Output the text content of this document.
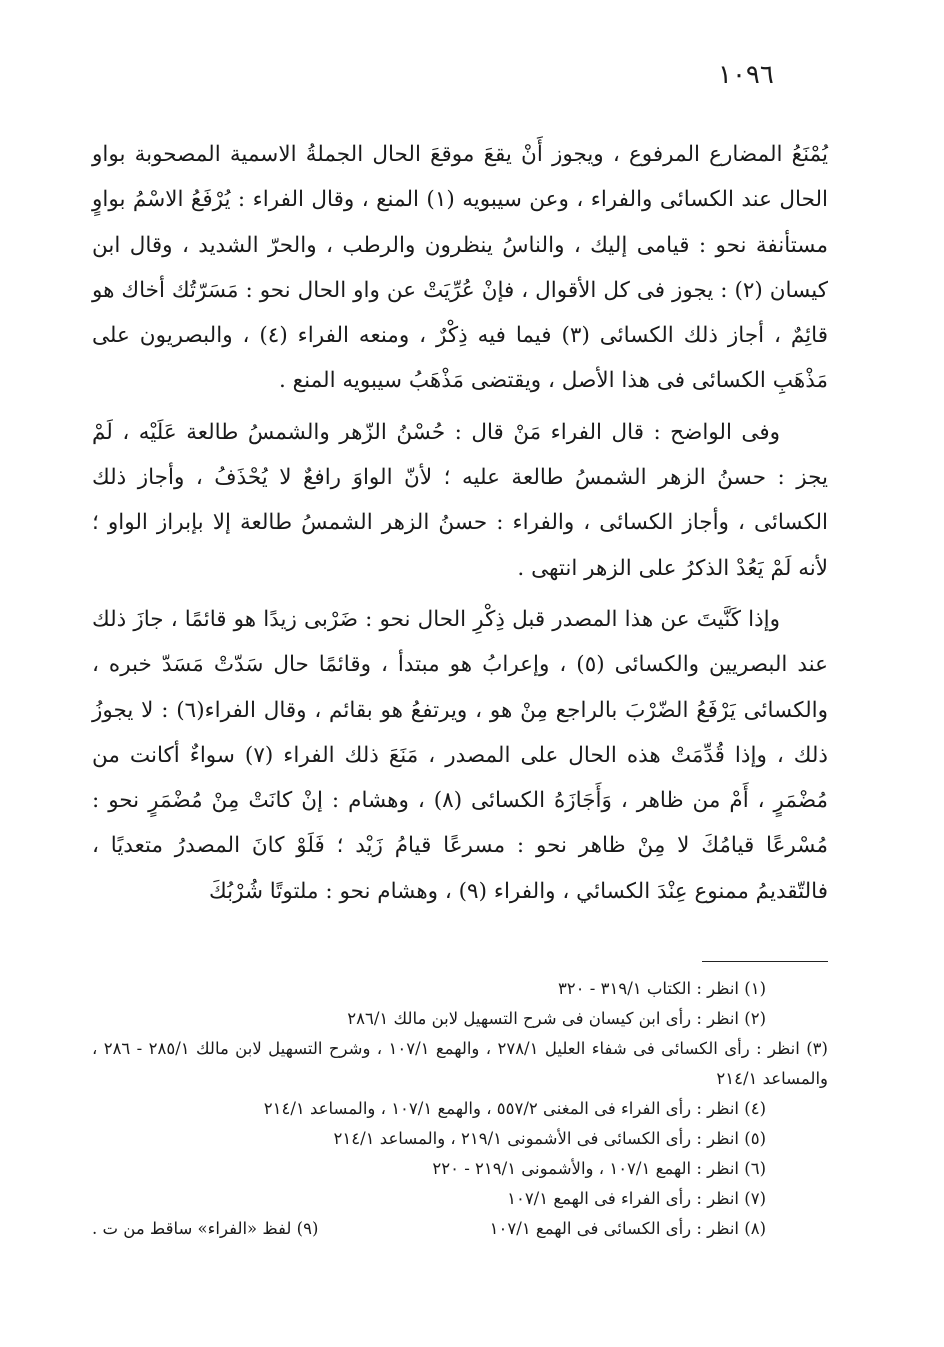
١٠٩٦

يُمْنَعُ المضارع المرفوع ، ويجوز أَنْ يقعَ موقعَ الحال الجملةُ الاسمية المصحوبة بواو الحال عند الكسائى والفراء ، وعن سيبويه (١) المنع ، وقال الفراء : يُرْفَعُ الاسْمُ بواوٍ مستأنفة نحو : قيامى إليك ، والناسُ ينظرون والرطب ، والحرّ الشديد ، وقال ابن كيسان (٢) : يجوز فى كل الأقوال ، فإنْ عُرِّيَتْ عن واو الحال نحو : مَسَرّتُك أخاك هو قائِمٌ ، أجاز ذلك الكسائى (٣) فيما فيه ذِكْرٌ ، ومنعه الفراء (٤) ، والبصريون على مَذْهَبِ الكسائى فى هذا الأصل ، ويقتضى مَذْهَبُ سيبويه المنع .

وفى الواضح : قال الفراء مَنْ قال : حُسْنُ الزّهر والشمسُ طالعة عَلَيْه ، لَمْ يجز : حسنُ الزهر الشمسُ طالعة عليه ؛ لأنّ الواوَ رافعٌ لا يُحْذَفُ ، وأجاز ذلك الكسائى ، وأجاز الكسائى ، والفراء : حسنُ الزهر الشمسُ طالعة إلا بإبراز الواو ؛ لأنه لَمْ يَعُدْ الذكرُ على الزهر انتهى .

وإذا كَنَّيتَ عن هذا المصدر قبل ذِكْرِ الحال نحو : ضَرْبى زيدًا هو قائمًا ، جازَ ذلك عند البصريين والكسائى (٥) ، وإعرابُ هو مبتدأ ، وقائمًا حال سَدّتْ مَسَدّ خبره ، والكسائى يَرْفَعُ الضّرْبَ بالراجع مِنْ هو ، ويرتفعُ هو بقائم ، وقال الفراء(٦) : لا يجوزُ ذلك ، وإذا قُدِّمَتْ هذه الحال على المصدر ، مَنَعَ ذلك الفراء (٧) سواءٌ أكانت من مُضْمَرٍ ، أَمْ من ظاهر ، وَأَجَازَهُ الكسائى (٨) ، وهشام : إنْ كانَتْ مِنْ مُضْمَرٍ نحو : مُسْرعًا قيامُكَ لا مِنْ ظاهر نحو : مسرعًا قيامُ زَيْد ؛ فَلَوْ كانَ المصدرُ متعديًا ، فالتّقديمُ ممنوع عِنْدَ الكسائي ، والفراء (٩) ، وهشام نحو : ملتوتًا شُرْبُكَ

(١) انظر : الكتاب ٣١٩/١ - ٣٢٠

(٢) انظر : رأى ابن كيسان فى شرح التسهيل لابن مالك ٢٨٦/١

(٣) انظر : رأى الكسائى فى شفاء العليل ٢٧٨/١ ، والهمع ١٠٧/١ ، وشرح التسهيل لابن مالك ٢٨٥/١ - ٢٨٦ ، والمساعد ٢١٤/١

(٤) انظر : رأى الفراء فى المغنى ٥٥٧/٢ ، والهمع ١٠٧/١ ، والمساعد ٢١٤/١

(٥) انظر : رأى الكسائى فى الأشمونى ٢١٩/١ ، والمساعد ٢١٤/١

(٦) انظر : الهمع ١٠٧/١ ، والأشمونى ٢١٩/١ - ٢٢٠

(٧) انظر : رأى الفراء فى الهمع ١٠٧/١

(٨) انظر : رأى الكسائى فى الهمع ١٠٧/١
(٩) لفظ «الفراء» ساقط من ت .
